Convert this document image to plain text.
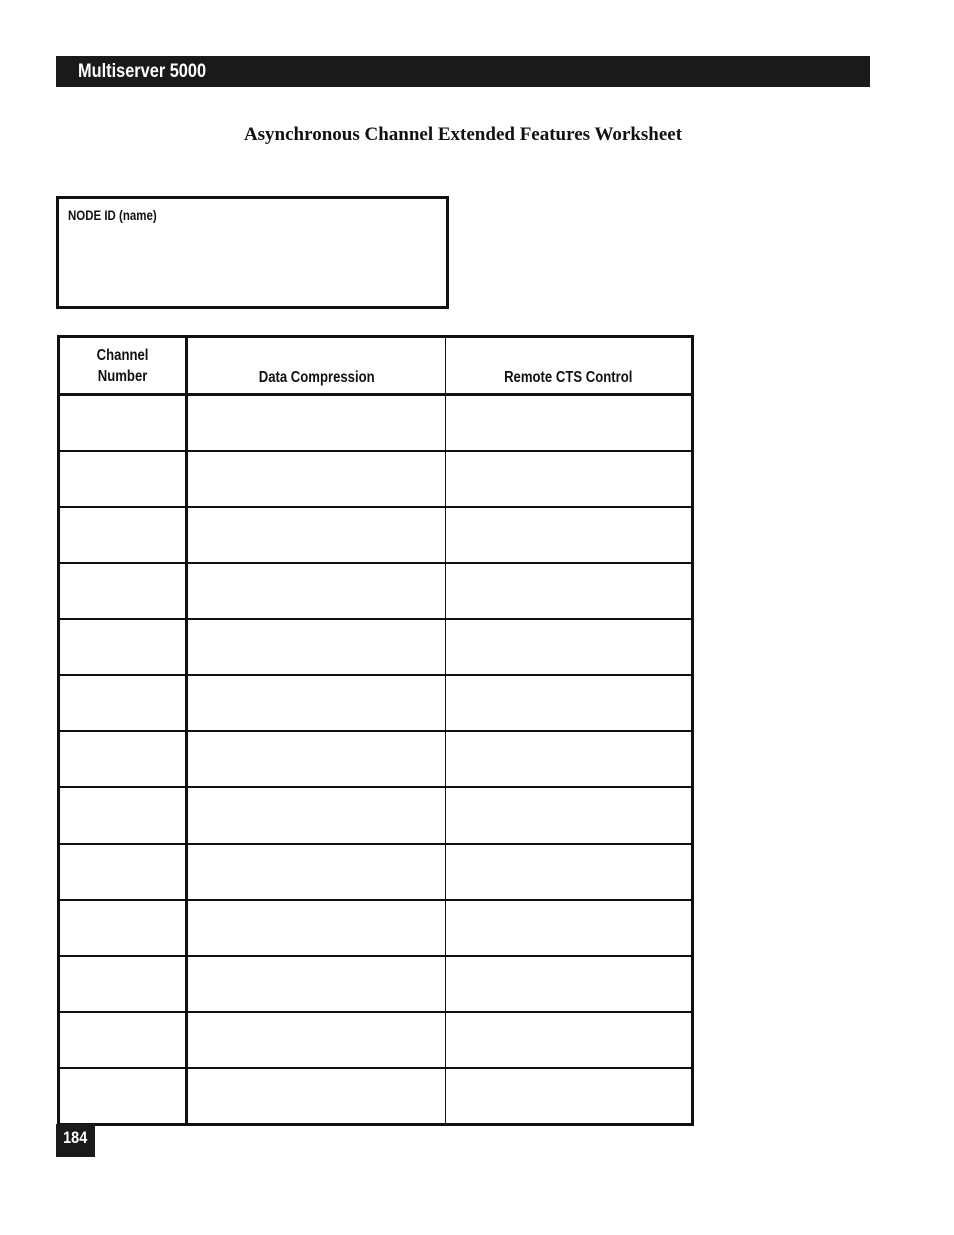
Multiserver 5000
Asynchronous Channel Extended Features Worksheet
NODE ID (name)
Channel
Number	Data Compression	Remote CTS Control

184
